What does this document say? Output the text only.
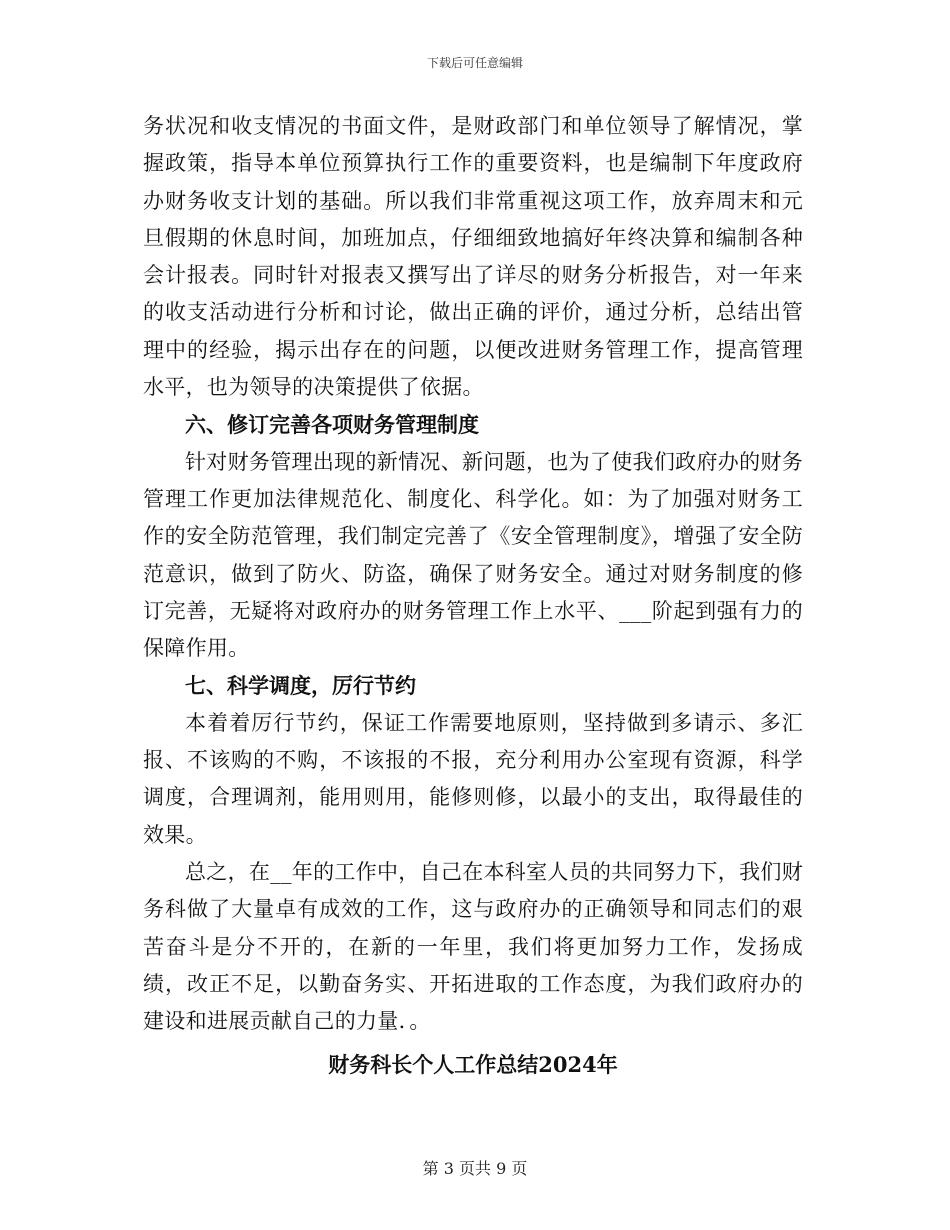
下载后可任意编辑

务状况和收支情况的书面文件，是财政部门和单位领导了解情况，掌握政策，指导本单位预算执行工作的重要资料，也是编制下年度政府办财务收支计划的基础。所以我们非常重视这项工作，放弃周末和元旦假期的休息时间，加班加点，仔细细致地搞好年终决算和编制各种会计报表。同时针对报表又撰写出了详尽的财务分析报告，对一年来的收支活动进行分析和讨论，做出正确的评价，通过分析，总结出管理中的经验，揭示出存在的问题，以便改进财务管理工作，提高管理水平，也为领导的决策提供了依据。

六、修订完善各项财务管理制度

针对财务管理出现的新情况、新问题，也为了使我们政府办的财务管理工作更加法律规范化、制度化、科学化。如：为了加强对财务工作的安全防范管理，我们制定完善了《安全管理制度》，增强了安全防范意识，做到了防火、防盗，确保了财务安全。通过对财务制度的修订完善，无疑将对政府办的财务管理工作上水平、___阶起到强有力的保障作用。

七、科学调度，厉行节约

本着着厉行节约，保证工作需要地原则，坚持做到多请示、多汇报、不该购的不购，不该报的不报，充分利用办公室现有资源，科学调度，合理调剂，能用则用，能修则修，以最小的支出，取得最佳的效果。

总之，在__年的工作中，自己在本科室人员的共同努力下，我们财务科做了大量卓有成效的工作，这与政府办的正确领导和同志们的艰苦奋斗是分不开的，在新的一年里，我们将更加努力工作，发扬成绩，改正不足，以勤奋务实、开拓进取的工作态度，为我们政府办的建设和进展贡献自己的力量．。

财务科长个人工作总结2024年

第 3 页共 9 页
